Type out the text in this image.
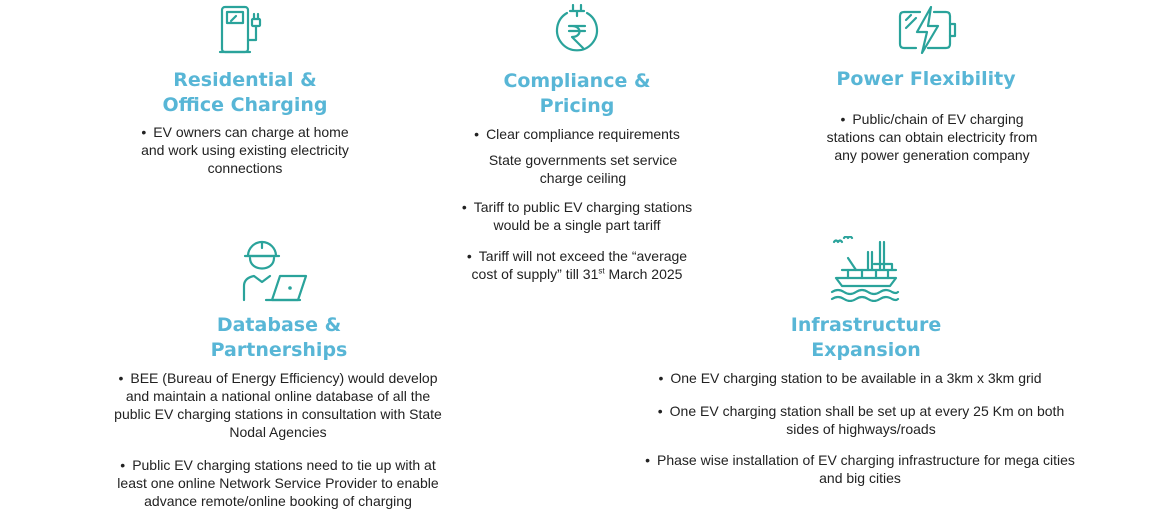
Residential &
Office Charging

• EV owners can charge at home and work using existing electricity connections

Compliance &
Pricing

• Clear compliance requirements

State governments set service charge ceiling

• Tariff to public EV charging stations would be a single part tariff

• Tariff will not exceed the “average cost of supply” till 31st March 2025

Power Flexibility

• Public/chain of EV charging stations can obtain electricity from any power generation company

Database &
Partnerships

• BEE (Bureau of Energy Efficiency) would develop and maintain a national online database of all the public EV charging stations in consultation with State Nodal Agencies

• Public EV charging stations need to tie up with at least one online Network Service Provider to enable advance remote/online booking of charging

Infrastructure
Expansion

• One EV charging station to be available in a 3km x 3km grid

• One EV charging station shall be set up at every 25 Km on both sides of highways/roads

• Phase wise installation of EV charging infrastructure for mega cities and big cities
